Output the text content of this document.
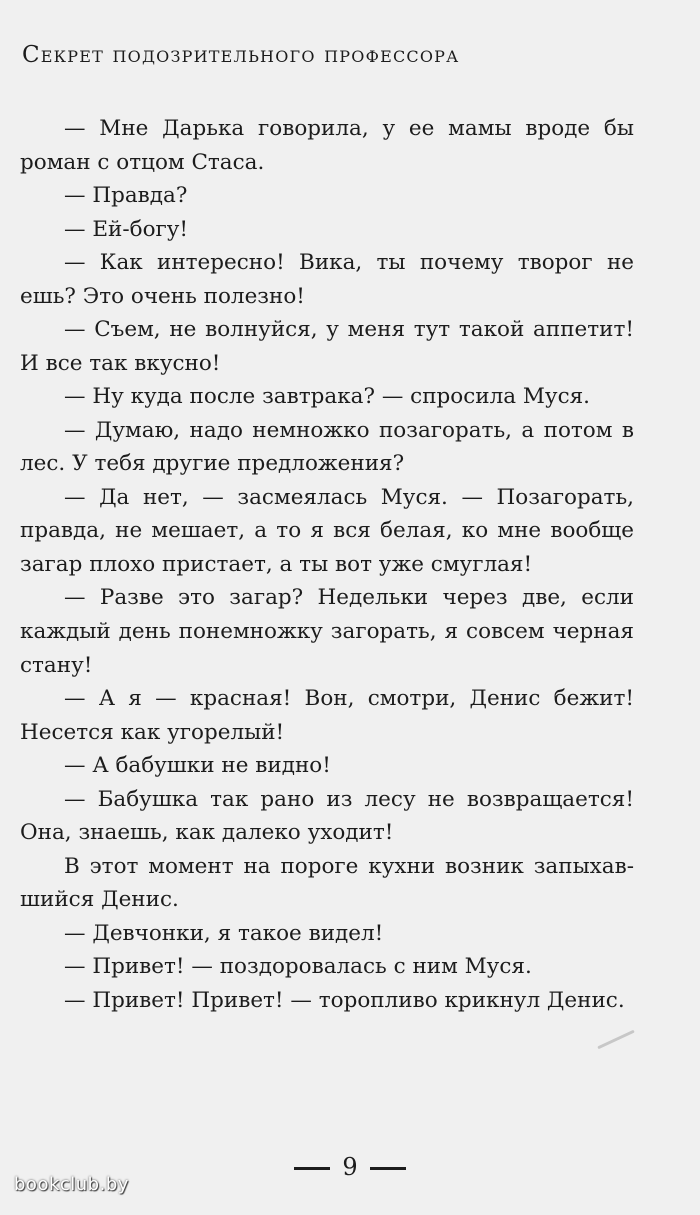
Секрет подозрительного профессора

— Мне Дарька говорила, у ее мамы вроде бы роман с отцом Стаса.

— Правда?

— Ей-богу!

— Как интересно! Вика, ты почему творог не ешь? Это очень полезно!

— Съем, не волнуйся, у меня тут такой аппетит! И все так вкусно!

— Ну куда после завтрака? — спросила Муся.

— Думаю, надо немножко позагорать, а потом в лес. У тебя другие предложения?

— Да нет, — засмеялась Муся. — Позагорать, правда, не мешает, а то я вся белая, ко мне вообще загар плохо пристает, а ты вот уже смуглая!

— Разве это загар? Недельки через две, если каждый день понемножку загорать, я совсем черная стану!

— А я — красная! Вон, смотри, Денис бежит! Несется как угорелый!

— А бабушки не видно!

— Бабушка так рано из лесу не возвращается! Она, знаешь, как далеко уходит!

В этот момент на пороге кухни возник запыхавшийся Денис.

— Девчонки, я такое видел!

— Привет! — поздоровалась с ним Муся.

— Привет! Привет! — торопливо крикнул Денис.

9
bookclub.by
